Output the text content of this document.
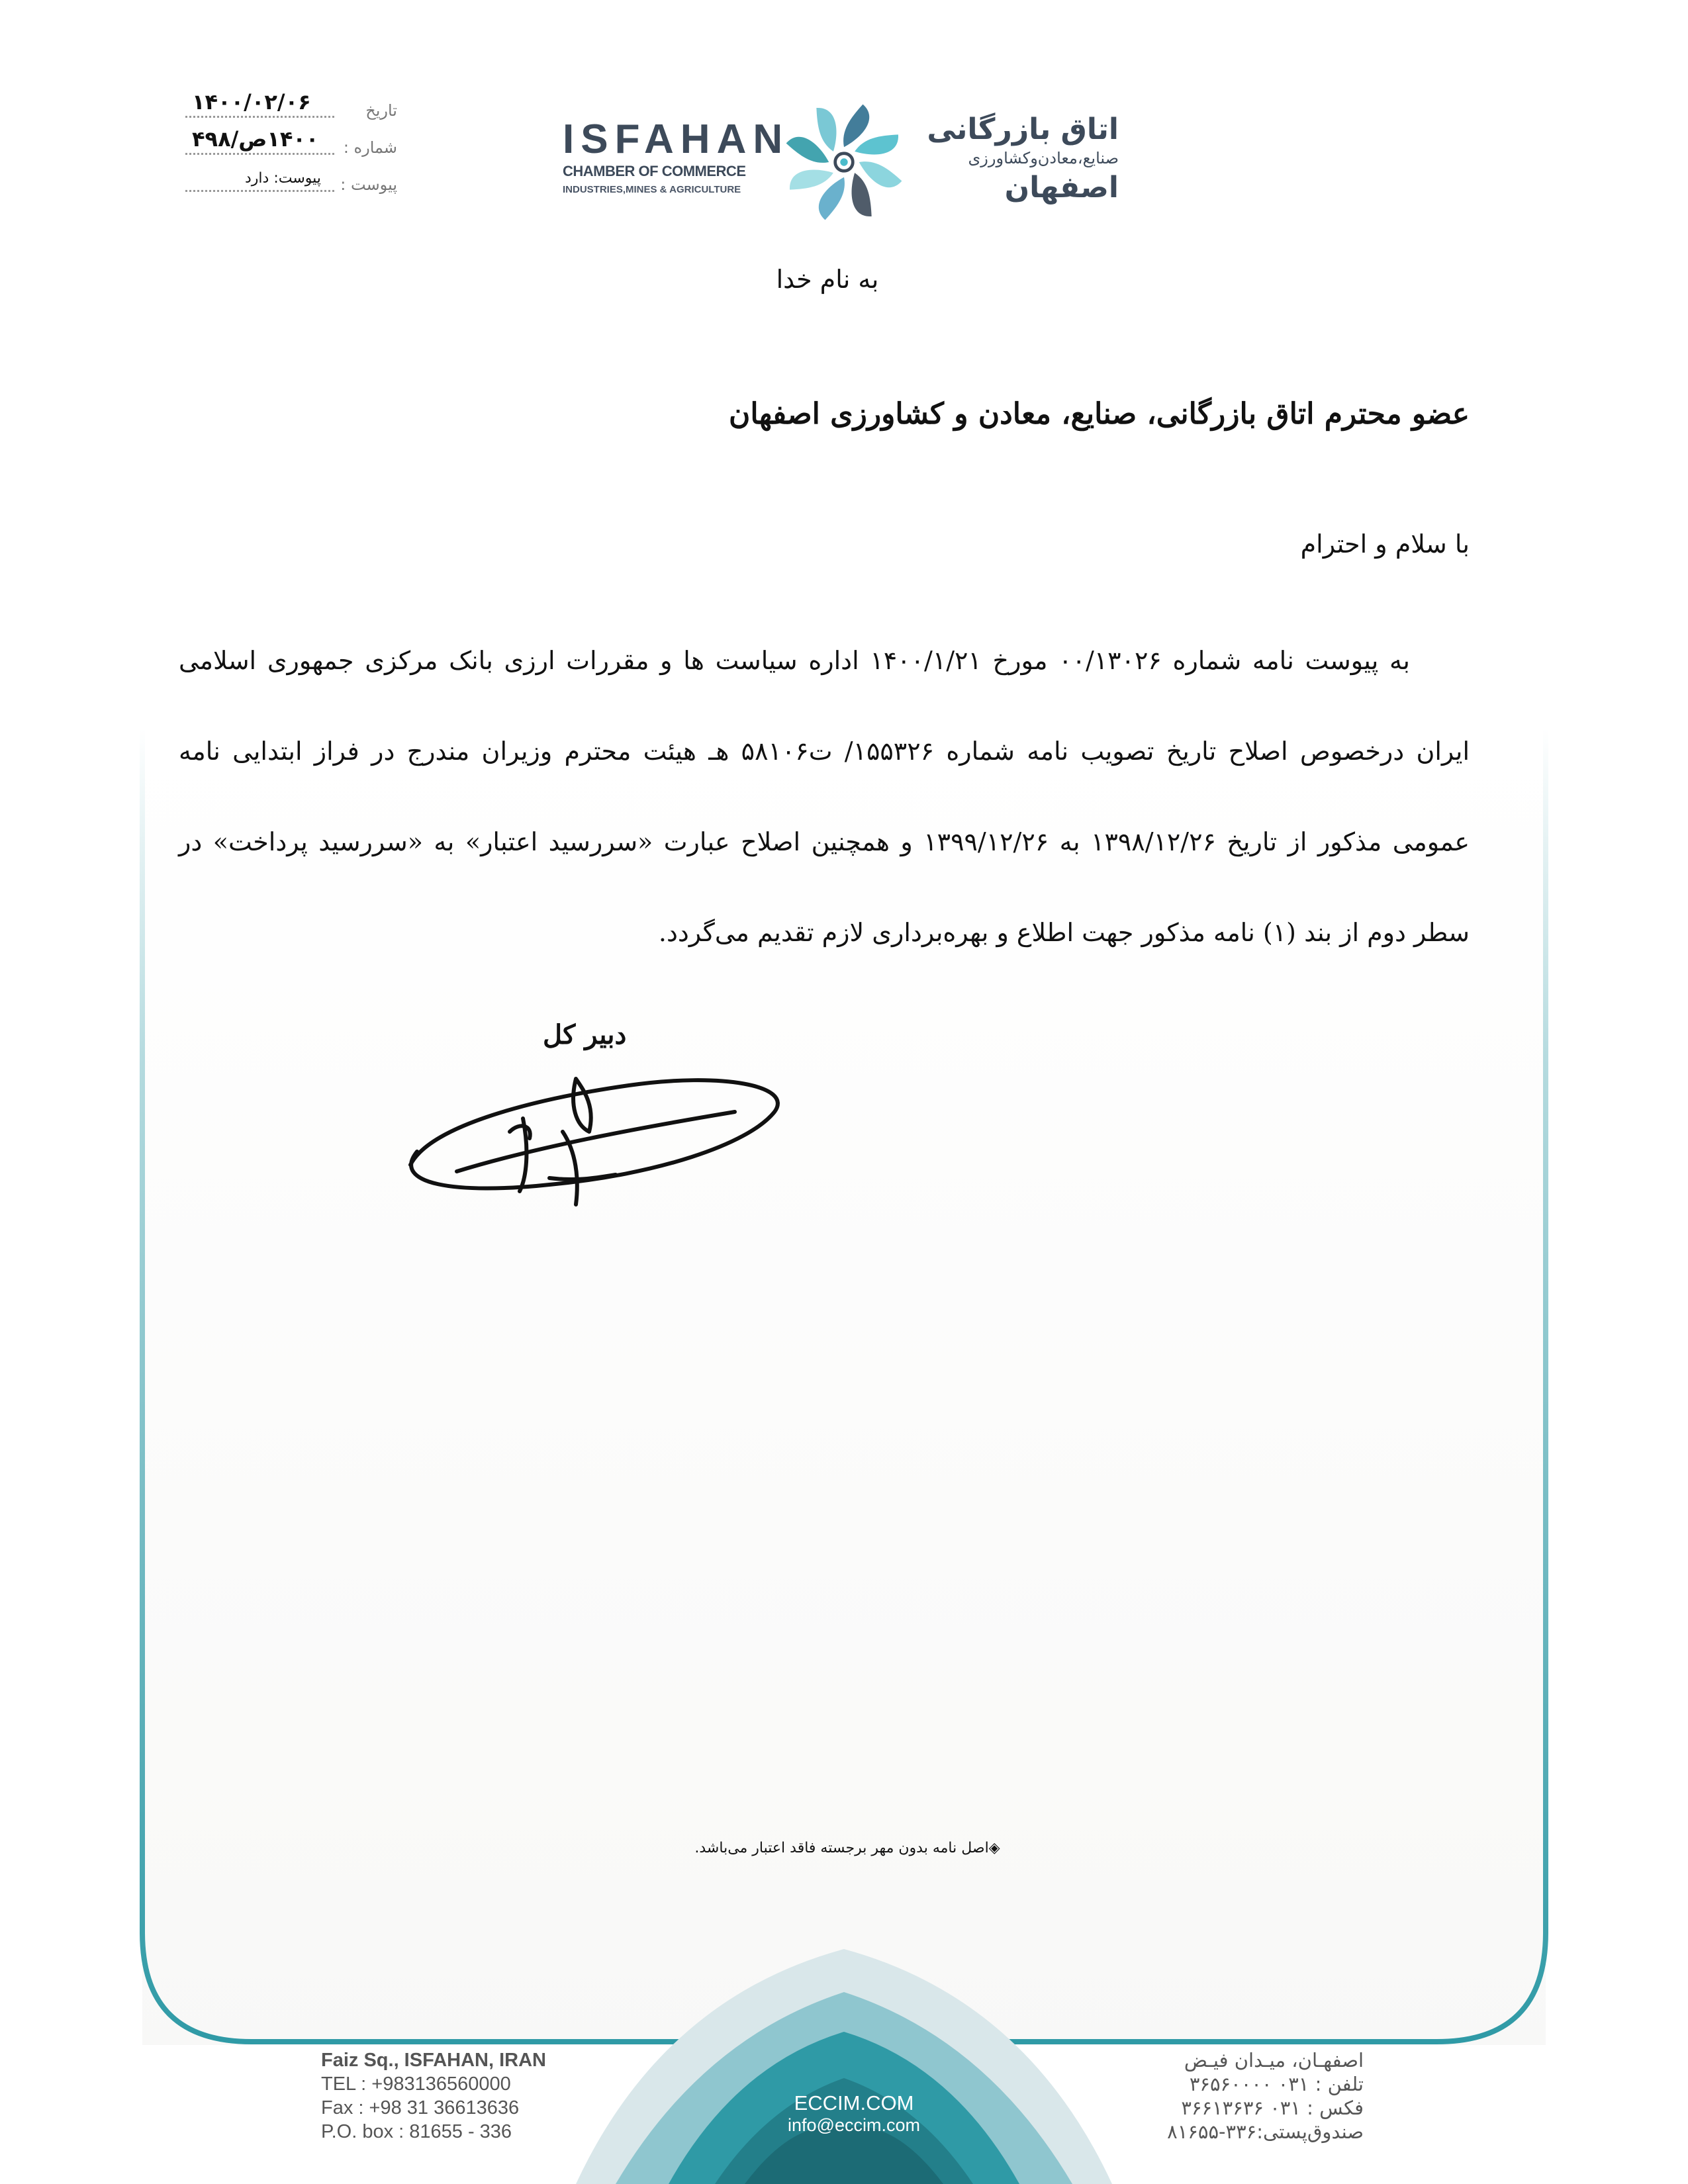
۱۴۰۰/۰۲/۰۶	تاریخ
۱۴۰۰ص/۴۹۸ شماره :
پیوست: دارد پیوست :
ISFAHAN
CHAMBER OF COMMERCE
INDUSTRIES,MINES & AGRICULTURE
اتاق بازرگانی
صنایع،معادن‌وکشاورزی
اصفهان
به نام خدا
عضو محترم اتاق بازرگانی، صنایع، معادن و کشاورزی اصفهان
با سلام و احترام
به پیوست نامه شماره ۰۰/۱۳۰۲۶ مورخ ۱۴۰۰/۱/۲۱ اداره سیاست ها و مقررات ارزی بانک مرکزی جمهوری اسلامی ایران درخصوص اصلاح تاریخ تصویب نامه شماره ۱۵۵۳۲۶/ ت۵۸۱۰۶ هـ هیئت محترم وزیران مندرج در فراز ابتدایی نامه عمومی مذکور از تاریخ ۱۳۹۸/۱۲/۲۶ به ۱۳۹۹/۱۲/۲۶ و همچنین اصلاح عبارت «سررسید اعتبار» به «سررسید پرداخت» در سطر دوم از بند (۱) نامه مذکور جهت اطلاع و بهره‌برداری لازم تقدیم می‌گردد.
دبیر کل
◈اصل نامه بدون مهر برجسته فاقد اعتبار می‌باشد.
Faiz Sq., ISFAHAN, IRAN
TEL : +983136560000
Fax : +98 31 36613636
P.O. box : 81655 - 336
ECCIM.COM
info@eccim.com
اصفهـان، میـدان فیـض
تلفن : ۰۳۱ ۳۶۵۶۰۰۰۰
فکس : ۰۳۱ ۳۶۶۱۳۶۳۶
صندوق‌پستی:۳۳۶-۸۱۶۵۵
